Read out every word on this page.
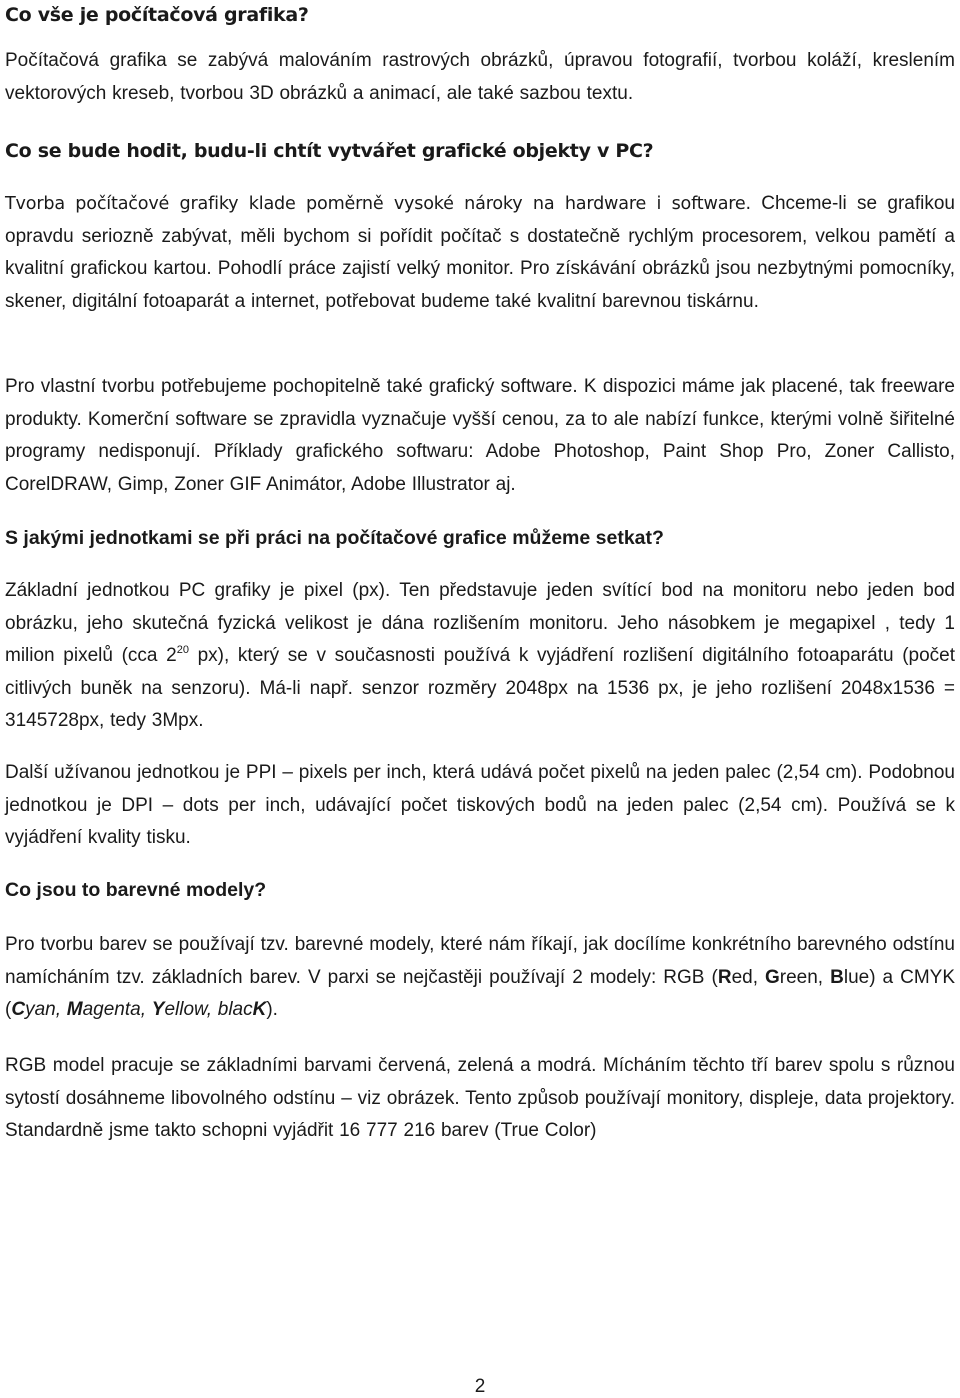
Co vše je počítačová grafika?

Počítačová grafika se zabývá malováním rastrových obrázků, úpravou fotografií, tvorbou koláží, kreslením vektorových kreseb, tvorbou 3D obrázků a animací, ale také sazbou textu.

Co se bude hodit, budu-li chtít vytvářet grafické objekty v PC?

Tvorba počítačové grafiky klade poměrně vysoké nároky na hardware i software. Chceme-li se grafikou opravdu seriozně zabývat, měli bychom si pořídit počítač s dostatečně rychlým procesorem, velkou pamětí a kvalitní grafickou kartou. Pohodlí práce zajistí velký monitor. Pro získávání obrázků jsou nezbytnými pomocníky, skener, digitální fotoaparát a internet, potřebovat budeme také kvalitní barevnou tiskárnu.

Pro vlastní tvorbu potřebujeme pochopitelně také grafický software. K dispozici máme jak placené, tak freeware produkty. Komerční software se zpravidla vyznačuje vyšší cenou, za to ale nabízí funkce, kterými volně šiřitelné programy nedisponují. Příklady grafického softwaru: Adobe Photoshop, Paint Shop Pro, Zoner Callisto, CorelDRAW, Gimp, Zoner GIF Animátor, Adobe Illustrator aj.

S jakými jednotkami se při práci na počítačové grafice můžeme setkat?

Základní jednotkou PC grafiky je pixel (px). Ten představuje jeden svítící bod na monitoru nebo jeden bod obrázku, jeho skutečná fyzická velikost je dána rozlišením monitoru. Jeho násobkem je megapixel , tedy 1 milion pixelů (cca $2^{20}$ px), který se v současnosti používá k vyjádření rozlišení digitálního fotoaparátu (počet citlivých buněk na senzoru). Má-li např. senzor rozměry 2048px na 1536 px, je jeho rozlišení 2048x1536 = 3145728px, tedy 3Mpx.

Další užívanou jednotkou je PPI – pixels per inch, která udává počet pixelů na jeden palec (2,54 cm). Podobnou jednotkou je DPI – dots per inch, udávající počet tiskových bodů na jeden palec (2,54 cm). Používá se k vyjádření kvality tisku.

Co jsou to barevné modely?

Pro tvorbu barev se používají tzv. barevné modely, které nám říkají, jak docílíme konkrétního barevného odstínu namícháním tzv. základních barev. V parxi se nejčastěji používají 2 modely: RGB (Red, Green, Blue) a CMYK (Cyan, Magenta, Yellow, blacK).

RGB model pracuje se základními barvami červená, zelená a modrá. Mícháním těchto tří barev spolu s různou sytostí dosáhneme libovolného odstínu – viz obrázek. Tento způsob používají monitory, displeje, data projektory. Standardně jsme takto schopni vyjádřit 16 777 216 barev (True Color)

2
